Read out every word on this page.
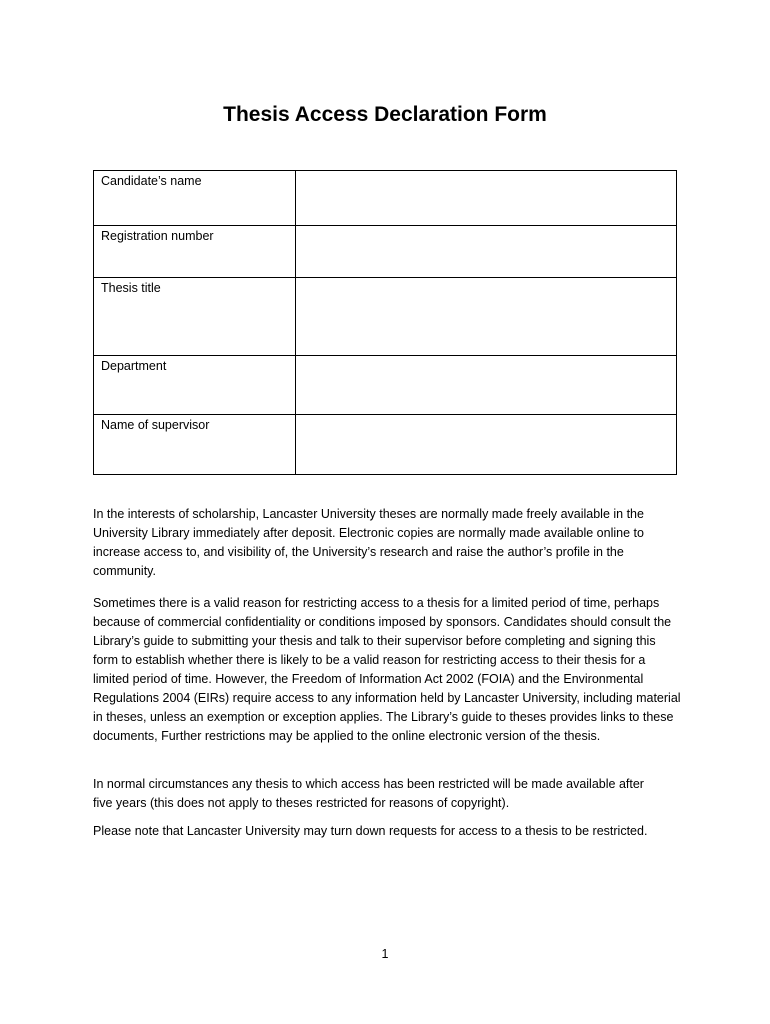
Thesis Access Declaration Form
Candidate’s name	

Registration number	

Thesis title	

Department	

Name of supervisor	

In the interests of scholarship, Lancaster University theses are normally made freely available in the University Library immediately after deposit. Electronic copies are normally made available online to increase access to, and visibility of, the University’s research and raise the author’s profile in the community.

Sometimes there is a valid reason for restricting access to a thesis for a limited period of time, perhaps because of commercial confidentiality or conditions imposed by sponsors. Candidates should consult the Library’s guide to submitting your thesis and talk to their supervisor before completing and signing this form to establish whether there is likely to be a valid reason for restricting access to their thesis for a limited period of time. However, the Freedom of Information Act 2002 (FOIA) and the Environmental Regulations 2004 (EIRs) require access to any information held by Lancaster University, including material in theses, unless an exemption or exception applies. The Library’s guide to theses provides links to these documents, Further restrictions may be applied to the online electronic version of the thesis.

In normal circumstances any thesis to which access has been restricted will be made available after five years (this does not apply to theses restricted for reasons of copyright).

Please note that Lancaster University may turn down requests for access to a thesis to be restricted.

1
